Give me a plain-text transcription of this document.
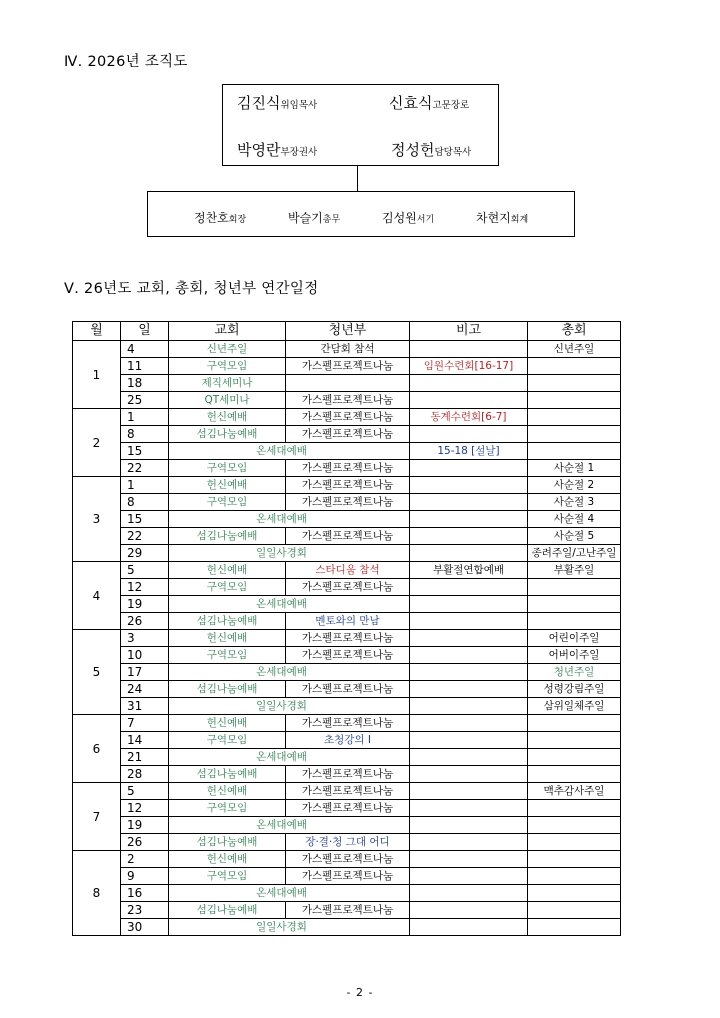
Ⅳ. 2026년 조직도
김진식위임목사	신효식고문장로
박영란부장권사	정성헌담당목사
정찬호회장	박슬기총무	김성원서기	차현지회계
Ⅴ. 26년도 교회, 총회, 청년부 연간일정
월	일	교회	청년부	비고	총회
1	4	신년주일	간담회 참석		신년주일
	11	구역모임	가스펠프로젝트나눔	임원수련회[16-17]	
	18	제직세미나			
	25	QT세미나	가스펠프로젝트나눔		
2	1	헌신예배	가스펠프로젝트나눔	동계수련회[6-7]	
	8	섬김나눔예배	가스펠프로젝트나눔		
	15	온세대예배		15-18 [설날]	
	22	구역모임	가스펠프로젝트나눔		사순절 1
3	1	헌신예배	가스펠프로젝트나눔		사순절 2
	8	구역모임	가스펠프로젝트나눔		사순절 3
	15	온세대예배			사순절 4
	22	섬김나눔예배	가스펠프로젝트나눔		사순절 5
	29	일일사경회			종려주일/고난주일
4	5	헌신예배	스타디움 참석	부활절연합예배	부활주일
	12	구역모임	가스펠프로젝트나눔		
	19	온세대예배			
	26	섬김나눔예배	멘토와의 만남		
5	3	헌신예배	가스펠프로젝트나눔		어린이주일
	10	구역모임	가스펠프로젝트나눔		어버이주일
	17	온세대예배			청년주일
	24	섬김나눔예배	가스펠프로젝트나눔		성령강림주일
	31	일일사경회			삼위일체주일
6	7	헌신예배	가스펠프로젝트나눔		
	14	구역모임	초청강의 Ⅰ		
	21	온세대예배			
	28	섬김나눔예배	가스펠프로젝트나눔		
7	5	헌신예배	가스펠프로젝트나눔		맥추감사주일
	12	구역모임	가스펠프로젝트나눔		
	19	온세대예배			
	26	섬김나눔예배	장·결·청 그대 어디		
8	2	헌신예배	가스펠프로젝트나눔		
	9	구역모임	가스펠프로젝트나눔		
	16	온세대예배			
	23	섬김나눔예배	가스펠프로젝트나눔		
	30	일일사경회			
- 2 -
